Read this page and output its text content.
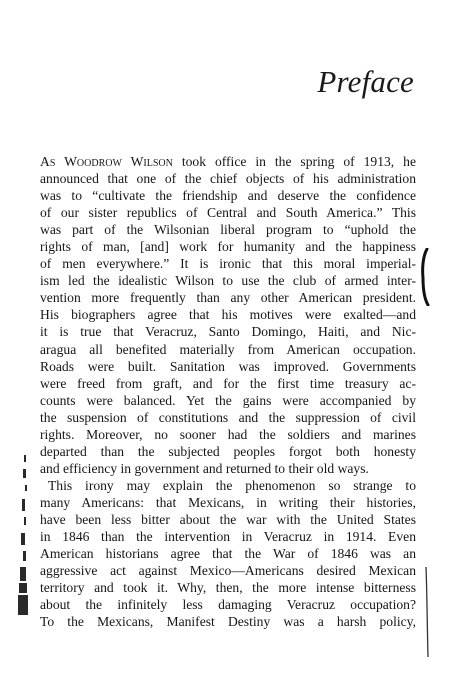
Preface
As Woodrow Wilson took office in the spring of 1913, he
announced that one of the chief objects of his administration
was to “cultivate the friendship and deserve the confidence
of our sister republics of Central and South America.” This
was part of the Wilsonian liberal program to “uphold the
rights of man, [and] work for humanity and the happiness
of men everywhere.” It is ironic that this moral imperial-
ism led the idealistic Wilson to use the club of armed inter-
vention more frequently than any other American president.
His biographers agree that his motives were exalted—and
it is true that Veracruz, Santo Domingo, Haiti, and Nic-
aragua all benefited materially from American occupation.
Roads were built. Sanitation was improved. Governments
were freed from graft, and for the first time treasury ac-
counts were balanced. Yet the gains were accompanied by
the suspension of constitutions and the suppression of civil
rights. Moreover, no sooner had the soldiers and marines
departed than the subjected peoples forgot both honesty
and efficiency in government and returned to their old ways.
This irony may explain the phenomenon so strange to
many Americans: that Mexicans, in writing their histories,
have been less bitter about the war with the United States
in 1846 than the intervention in Veracruz in 1914. Even
American historians agree that the War of 1846 was an
aggressive act against Mexico—Americans desired Mexican
territory and took it. Why, then, the more intense bitterness
about the infinitely less damaging Veracruz occupation?
To the Mexicans, Manifest Destiny was a harsh policy,
